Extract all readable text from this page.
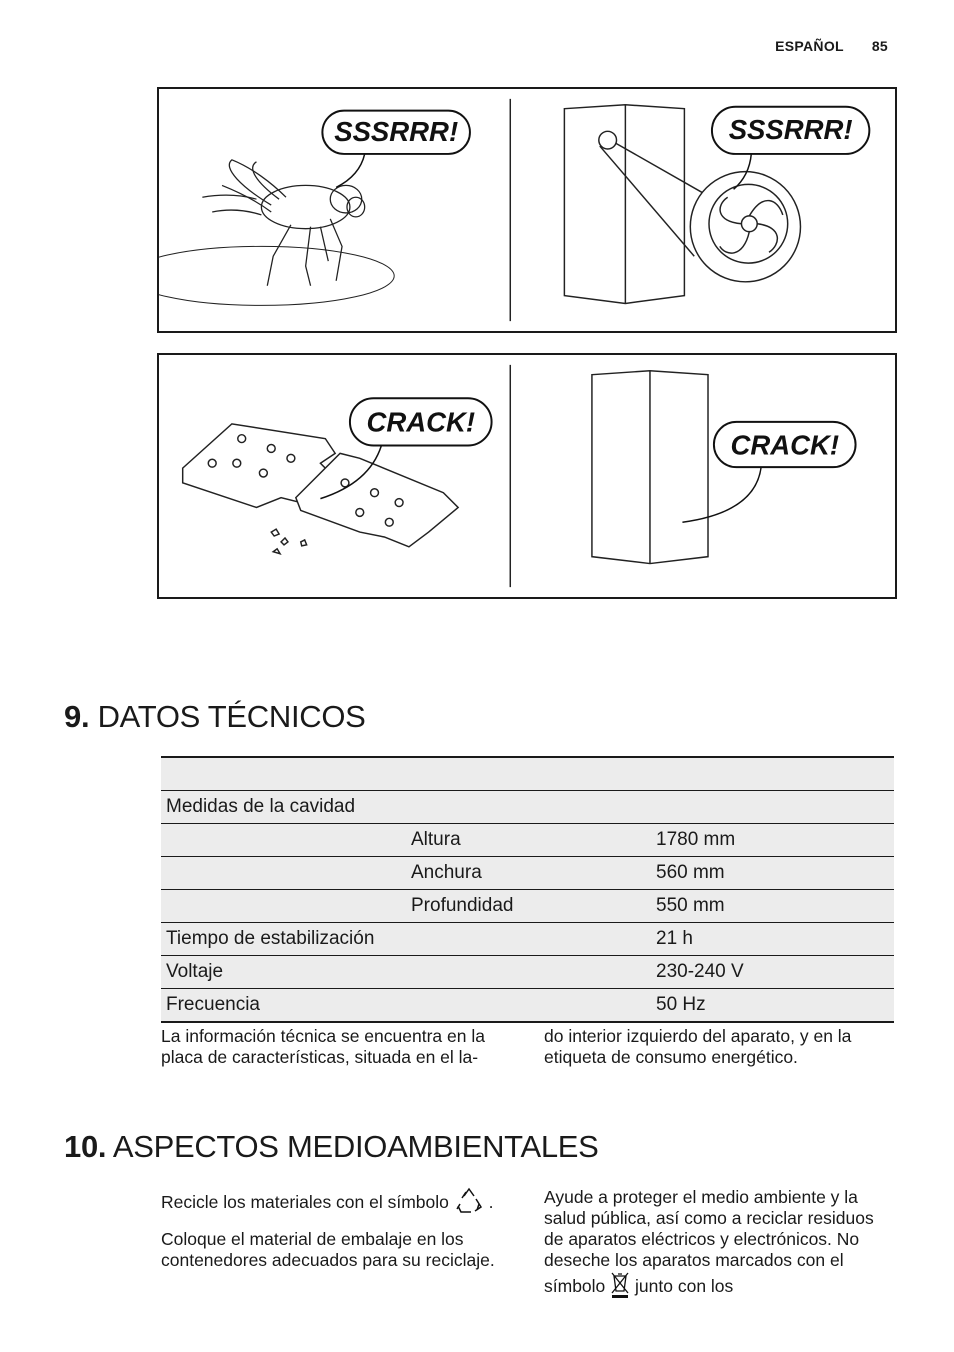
ESPAÑOL 85
SSSRRR!	SSSRRR!
CRACK!
CRACK!
9. DATOS TÉCNICOS

Medidas de la cavidad		
	Altura	1780 mm
	Anchura	560 mm
	Profundidad	550 mm
Tiempo de estabilización		21 h
Voltaje		230-240 V
Frecuencia		50 Hz
La información técnica se encuentra en la placa de características, situada en el la-
do interior izquierdo del aparato, y en la etiqueta de consumo energético.
10. ASPECTOS MEDIOAMBIENTALES

Recicle los materiales con el símbolo .

Coloque el material de embalaje en los contenedores adecuados para su reciclaje.

Ayude a proteger el medio ambiente y la salud pública, así como a reciclar residuos de aparatos eléctricos y electrónicos. No deseche los aparatos marcados con el símbolo junto con los
